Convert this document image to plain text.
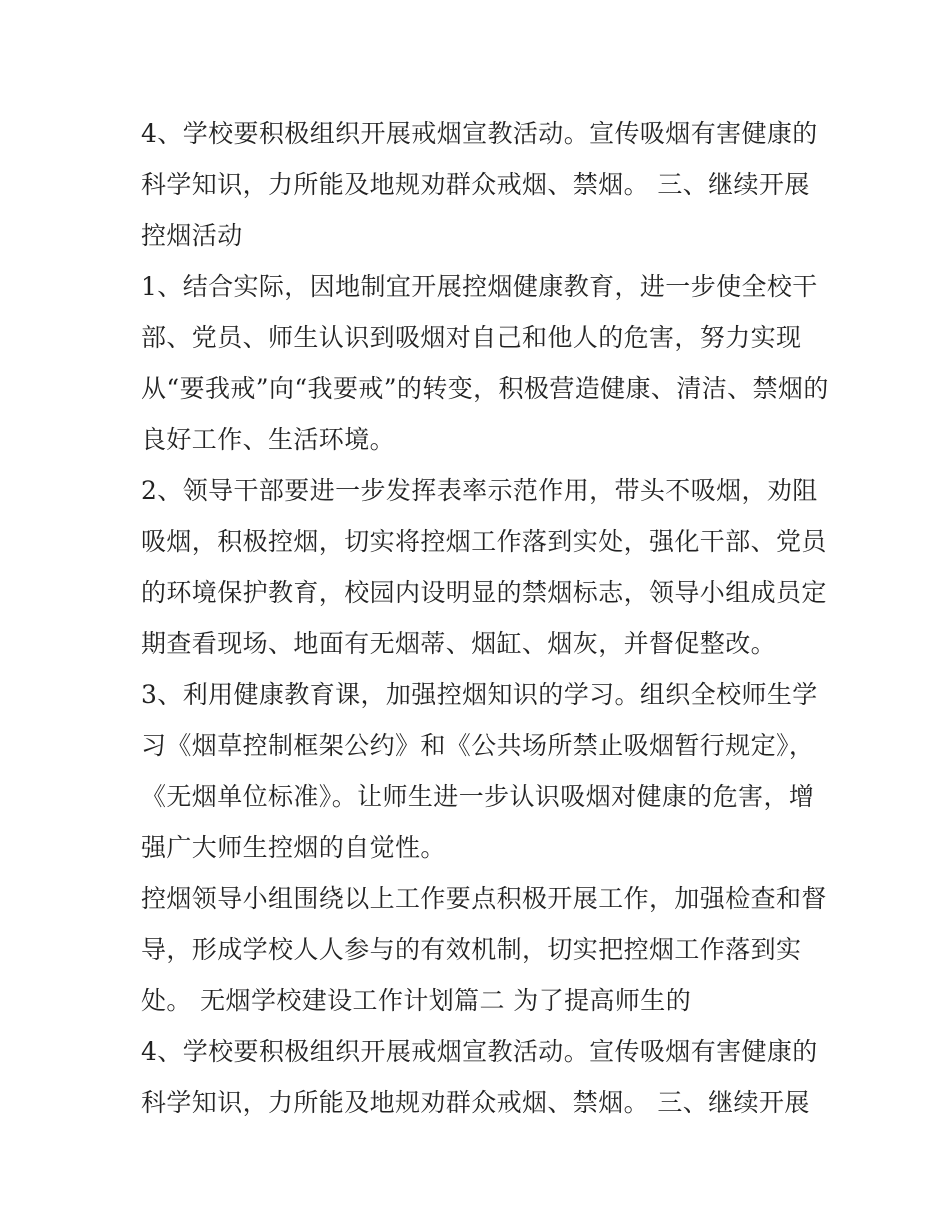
4、学校要积极组织开展戒烟宣教活动。宣传吸烟有害健康的
科学知识，力所能及地规劝群众戒烟、禁烟。 三、继续开展
控烟活动

1、结合实际，因地制宜开展控烟健康教育，进一步使全校干
部、党员、师生认识到吸烟对自己和他人的危害，努力实现
从“要我戒”向“我要戒”的转变，积极营造健康、清洁、禁烟的
良好工作、生活环境。

2、领导干部要进一步发挥表率示范作用，带头不吸烟，劝阻
吸烟，积极控烟，切实将控烟工作落到实处，强化干部、党员
的环境保护教育，校园内设明显的禁烟标志，领导小组成员定
期查看现场、地面有无烟蒂、烟缸、烟灰，并督促整改。

3、利用健康教育课，加强控烟知识的学习。组织全校师生学
习《烟草控制框架公约》和《公共场所禁止吸烟暂行规定》，
《无烟单位标准》。让师生进一步认识吸烟对健康的危害，增
强广大师生控烟的自觉性。

控烟领导小组围绕以上工作要点积极开展工作，加强检查和督
导，形成学校人人参与的有效机制，切实把控烟工作落到实
处。 无烟学校建设工作计划篇二 为了提高师生的

4、学校要积极组织开展戒烟宣教活动。宣传吸烟有害健康的
科学知识，力所能及地规劝群众戒烟、禁烟。 三、继续开展
